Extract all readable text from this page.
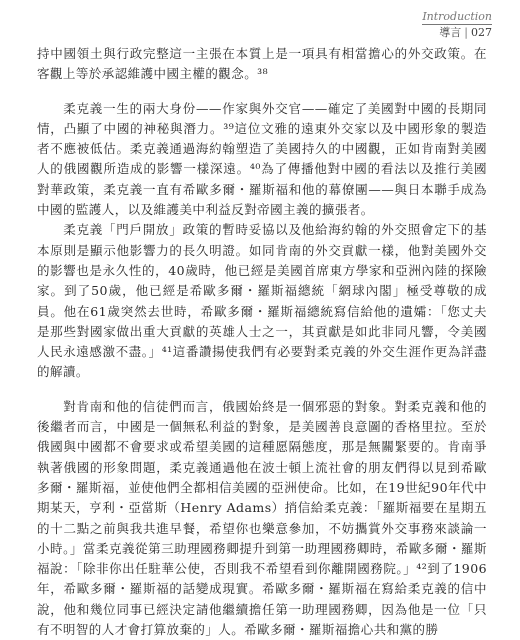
Introduction
導言 | 027

持中國領土與行政完整這一主張在本質上是一項具有相當擔心的外交政策。在客觀上等於承認維護中國主權的觀念。³⁸

柔克義一生的兩大身份——作家與外交官——確定了美國對中國的長期同情，凸顯了中國的神秘與潛力。³⁹這位文雅的遠東外交家以及中國形象的製造者不應被低估。柔克義通過海約翰塑造了美國持久的中國觀，正如肯南對美國人的俄國觀所造成的影響一樣深遠。⁴⁰為了傳播他對中國的看法以及推行美國對華政策，柔克義一直有希歐多爾・羅斯福和他的幕僚團——與日本聯手成為中國的監護人，以及維護美中利益反對帝國主義的擴張者。

柔克義「門戶開放」政策的暫時妥協以及他給海約翰的外交照會定下的基本原則是顯示他影響力的長久明證。如同肯南的外交貢獻一樣，他對美國外交的影響也是永久性的，40歲時，他已經是美國首席東方學家和亞洲內陸的探險家。到了50歲，他已經是希歐多爾・羅斯福總統「網球內閣」極受尊敬的成員。他在61歲突然去世時，希歐多爾・羅斯福總統寫信給他的遺孀：「您丈夫是那些對國家做出重大貢獻的英雄人士之一，其貢獻是如此非同凡響，令美國人民永遠感激不盡。」⁴¹這番讚揚使我們有必要對柔克義的外交生涯作更為詳盡的解讀。

對肯南和他的信徒們而言，俄國始終是一個邪惡的對象。對柔克義和他的後繼者而言，中國是一個無私利益的對象，是美國善良意圖的香格里拉。至於俄國與中國都不會要求或希望美國的這種愿隔態度，那是無關緊要的。肯南爭執著俄國的形象問題，柔克義通過他在波士頓上流社會的朋友們得以見到希歐多爾・羅斯福，並使他們全都相信美國的亞洲使命。比如，在19世紀90年代中期某天，亨利・亞當斯（Henry Adams）捎信給柔克義：「羅斯福要在星期五的十二點之前與我共進早餐，希望你也樂意參加，不妨攜賞外交事務來談論一小時。」當柔克義從第三助理國務卿提升到第一助理國務卿時，希歐多爾・羅斯福說：「除非你出任駐華公使，否則我不希望看到你離開國務院。」⁴²到了1906年，希歐多爾・羅斯福的話變成現實。希歐多爾・羅斯福在寫給柔克義的信中說，他和幾位同事已經決定請他繼續擔任第一助理國務卿，因為他是一位「只有不明智的人才會打算放棄的」人。希歐多爾・羅斯福擔心共和黨的勝
